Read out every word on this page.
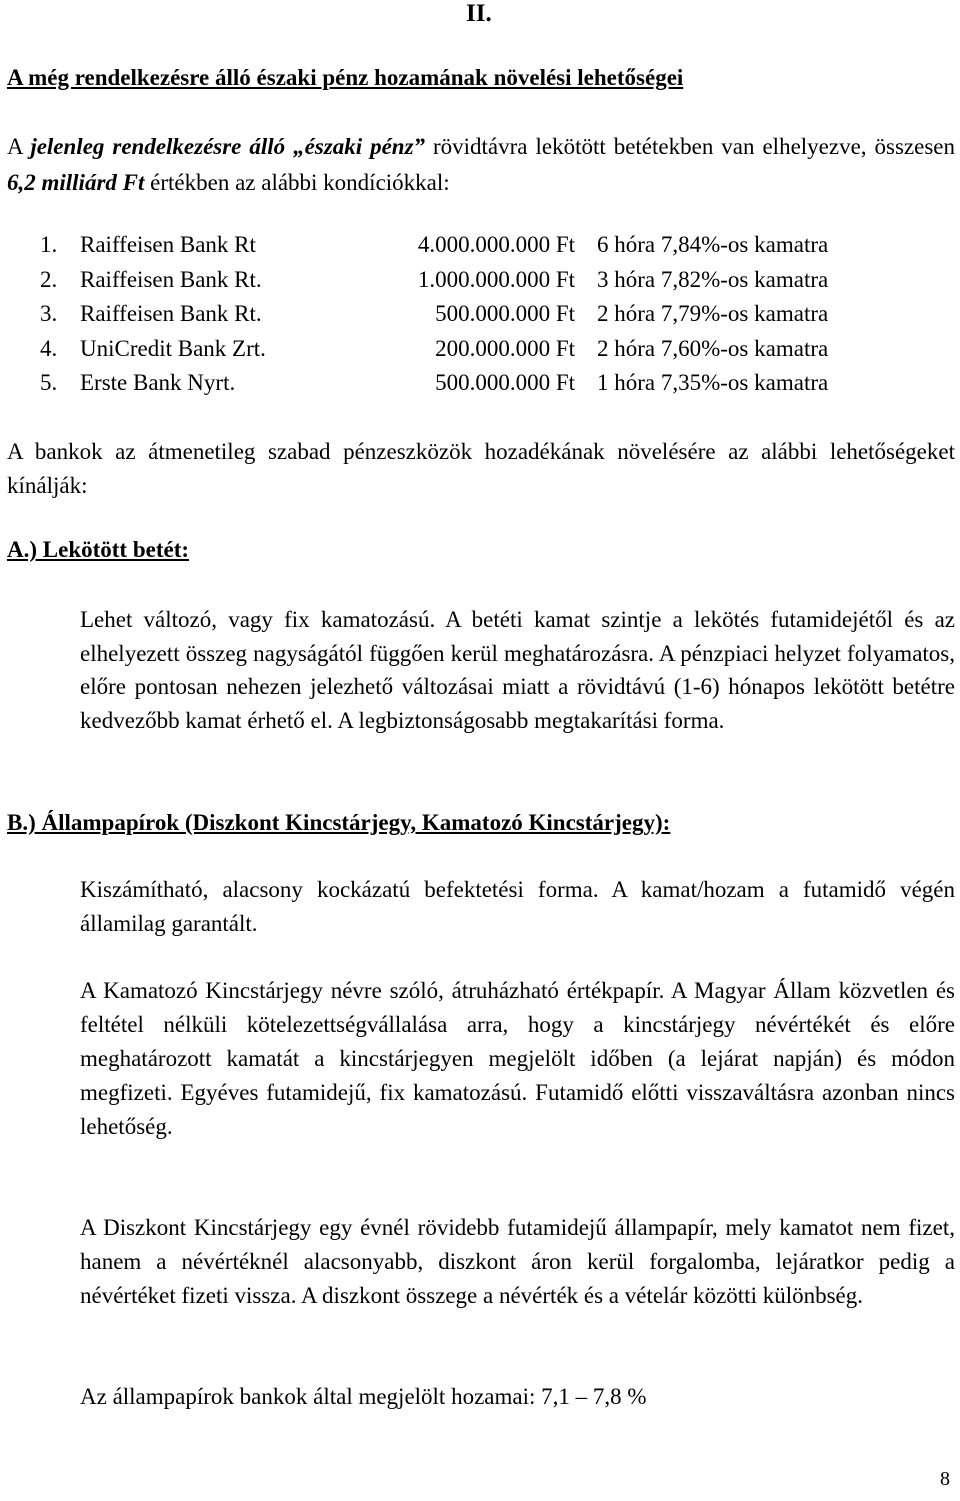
II.
A még rendelkezésre álló északi pénz hozamának növelési lehetőségei
A jelenleg rendelkezésre álló „északi pénz” rövidtávra lekötött betétekben van elhelyezve, összesen 6,2 milliárd Ft értékben az alábbi kondíciókkal:
1. Raiffeisen Bank Rt	4.000.000.000 Ft 6 hóra 7,84%-os kamatra
2. Raiffeisen Bank Rt.	1.000.000.000 Ft 3 hóra 7,82%-os kamatra
3. Raiffeisen Bank Rt.	500.000.000 Ft 2 hóra 7,79%-os kamatra
4. UniCredit Bank Zrt.	200.000.000 Ft 2 hóra 7,60%-os kamatra
5. Erste Bank Nyrt.	500.000.000 Ft 1 hóra 7,35%-os kamatra
A bankok az átmenetileg szabad pénzeszközök hozadékának növelésére az alábbi lehetőségeket kínálják:
A.) Lekötött betét:
Lehet változó, vagy fix kamatozású. A betéti kamat szintje a lekötés futamidejétől és az elhelyezett összeg nagyságától függően kerül meghatározásra. A pénzpiaci helyzet folyamatos, előre pontosan nehezen jelezhető változásai miatt a rövidtávú (1-6) hónapos lekötött betétre kedvezőbb kamat érhető el. A legbiztonságosabb megtakarítási forma.
B.) Állampapírok (Diszkont Kincstárjegy, Kamatozó Kincstárjegy):
Kiszámítható, alacsony kockázatú befektetési forma. A kamat/hozam a futamidő végén államilag garantált.
A Kamatozó Kincstárjegy névre szóló, átruházható értékpapír. A Magyar Állam közvetlen és feltétel nélküli kötelezettségvállalása arra, hogy a kincstárjegy névértékét és előre meghatározott kamatát a kincstárjegyen megjelölt időben (a lejárat napján) és módon megfizeti. Egyéves futamidejű, fix kamatozású. Futamidő előtti visszaváltásra azonban nincs lehetőség.
A Diszkont Kincstárjegy egy évnél rövidebb futamidejű állampapír, mely kamatot nem fizet, hanem a névértéknél alacsonyabb, diszkont áron kerül forgalomba, lejáratkor pedig a névértéket fizeti vissza. A diszkont összege a névérték és a vételár közötti különbség.
Az állampapírok bankok által megjelölt hozamai: 7,1 – 7,8 %
8
